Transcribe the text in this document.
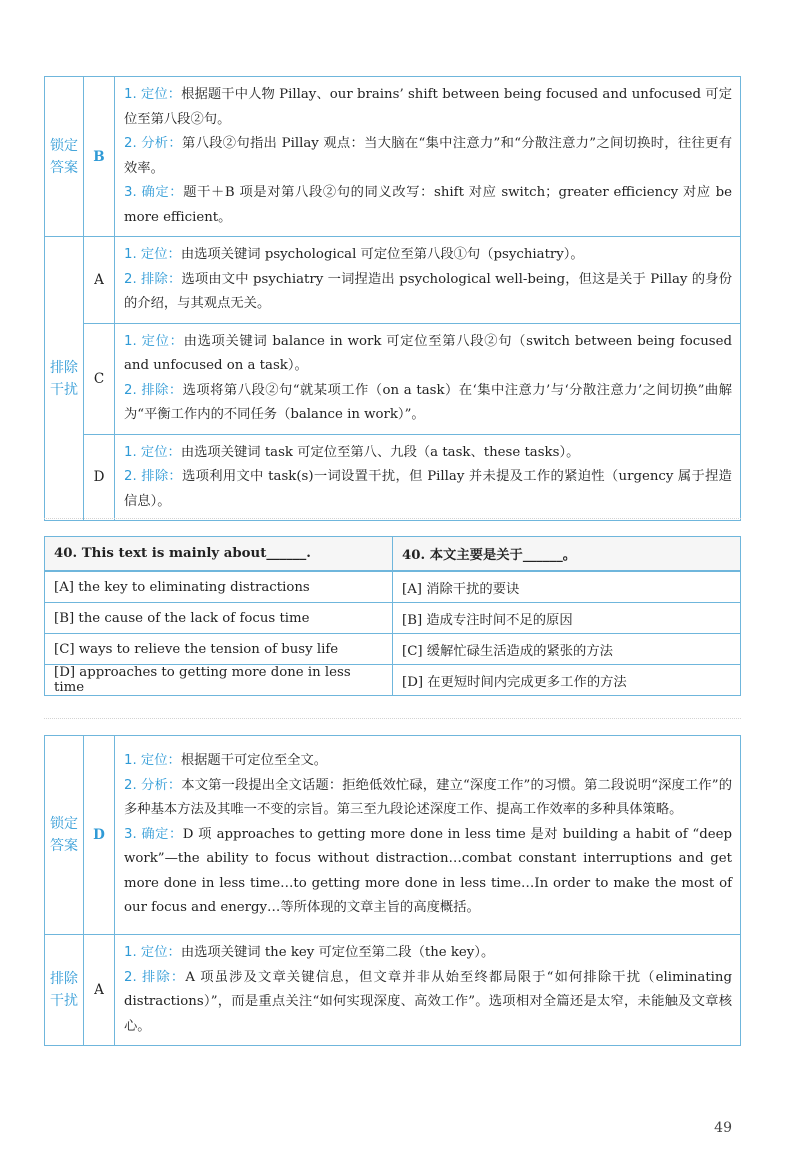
锁定
答案	B	1. 定位：根据题干中人物 Pillay、our brains’ shift between being focused and unfocused 可定位至第八段②句。
2. 分析：第八段②句指出 Pillay 观点：当大脑在“集中注意力”和“分散注意力”之间切换时，往往更有效率。
3. 确定：题干＋B 项是对第八段②句的同义改写：shift 对应 switch；greater efficiency 对应 be more efficient。

排除
干扰	A	1. 定位：由选项关键词 psychological 可定位至第八段①句（psychiatry）。
2. 排除：选项由文中 psychiatry 一词捏造出 psychological well-being，但这是关于 Pillay 的身份的介绍，与其观点无关。

	C	1. 定位：由选项关键词 balance in work 可定位至第八段②句（switch between being focused and unfocused on a task）。
2. 排除：选项将第八段②句“就某项工作（on a task）在‘集中注意力’与‘分散注意力’之间切换”曲解为“平衡工作内的不同任务（balance in work）”。

	D	1. 定位：由选项关键词 task 可定位至第八、九段（a task、these tasks）。
2. 排除：选项利用文中 task(s)一词设置干扰，但 Pillay 并未提及工作的紧迫性（urgency 属于捏造信息）。
40. This text is mainly about______.	40. 本文主要是关于______。
[A] the key to eliminating distractions	[A] 消除干扰的要诀
[B] the cause of the lack of focus time	[B] 造成专注时间不足的原因
[C] ways to relieve the tension of busy life	[C] 缓解忙碌生活造成的紧张的方法
[D] approaches to getting more done in less time	[D] 在更短时间内完成更多工作的方法
锁定
答案	D	1. 定位：根据题干可定位至全文。
2. 分析：本文第一段提出全文话题：拒绝低效忙碌，建立“深度工作”的习惯。第二段说明“深度工作”的多种基本方法及其唯一不变的宗旨。第三至九段论述深度工作、提高工作效率的多种具体策略。
3. 确定：D 项 approaches to getting more done in less time 是对 building a habit of “deep work”—the ability to focus without distraction…combat constant interruptions and get more done in less time…to getting more done in less time…In order to make the most of our focus and energy…等所体现的文章主旨的高度概括。

排除
干扰	A	1. 定位：由选项关键词 the key 可定位至第二段（the key）。
2. 排除：A 项虽涉及文章关键信息，但文章并非从始至终都局限于“如何排除干扰（eliminating distractions）”，而是重点关注“如何实现深度、高效工作”。选项相对全篇还是太窄，未能触及文章核心。
49
